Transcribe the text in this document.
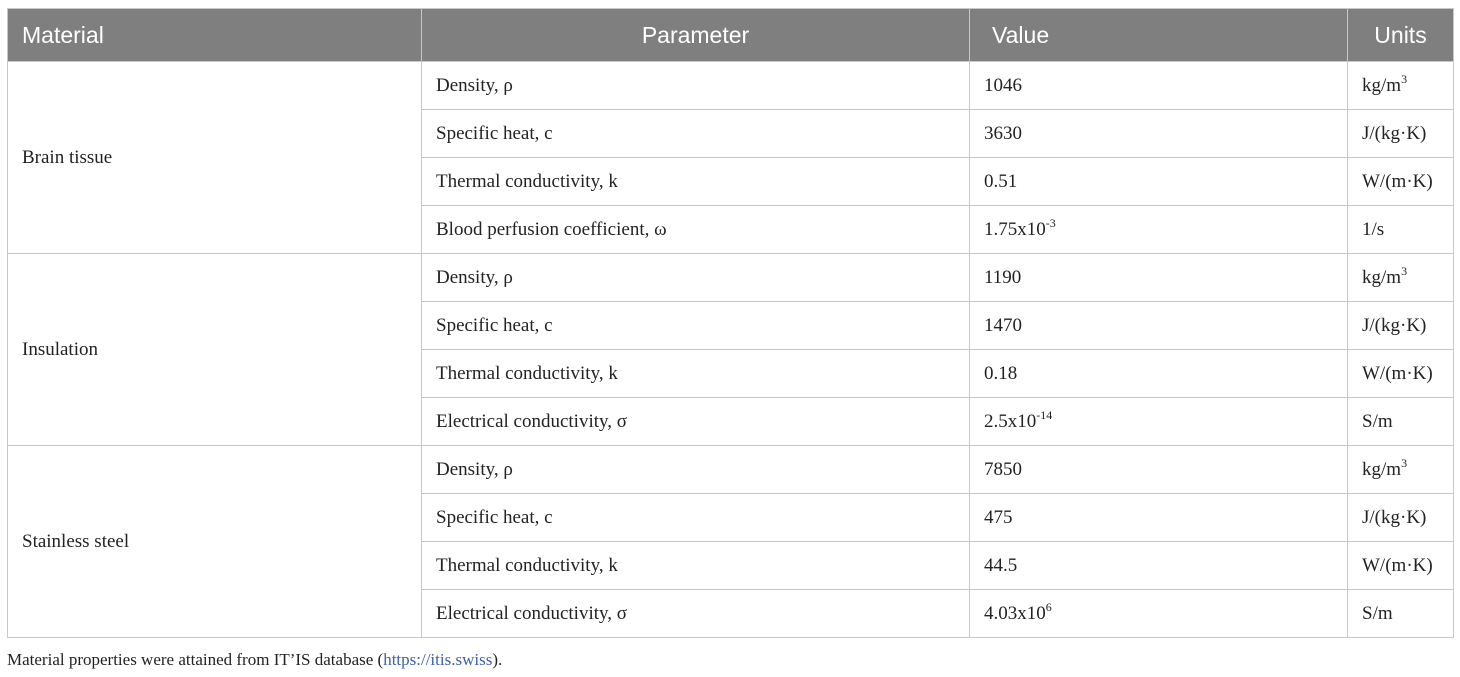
Material	Parameter	Value	Units
Brain tissue	Density, ρ	1046	$kg/m^3$
	Specific heat, c	3630	J/(kg·K)
	Thermal conductivity, k	0.51	W/(m·K)
	Blood perfusion coefficient, ω	$1.75x10^{-3}$	1/s
Insulation	Density, ρ	1190	$kg/m^3$
	Specific heat, c	1470	J/(kg·K)
	Thermal conductivity, k	0.18	W/(m·K)
	Electrical conductivity, σ	$2.5x10^{-14}$	S/m
Stainless steel	Density, ρ	7850	$kg/m^3$
	Specific heat, c	475	J/(kg·K)
	Thermal conductivity, k	44.5	W/(m·K)
	Electrical conductivity, σ	$4.03x10^6$	S/m
Material properties were attained from IT’IS database (https://itis.swiss).
